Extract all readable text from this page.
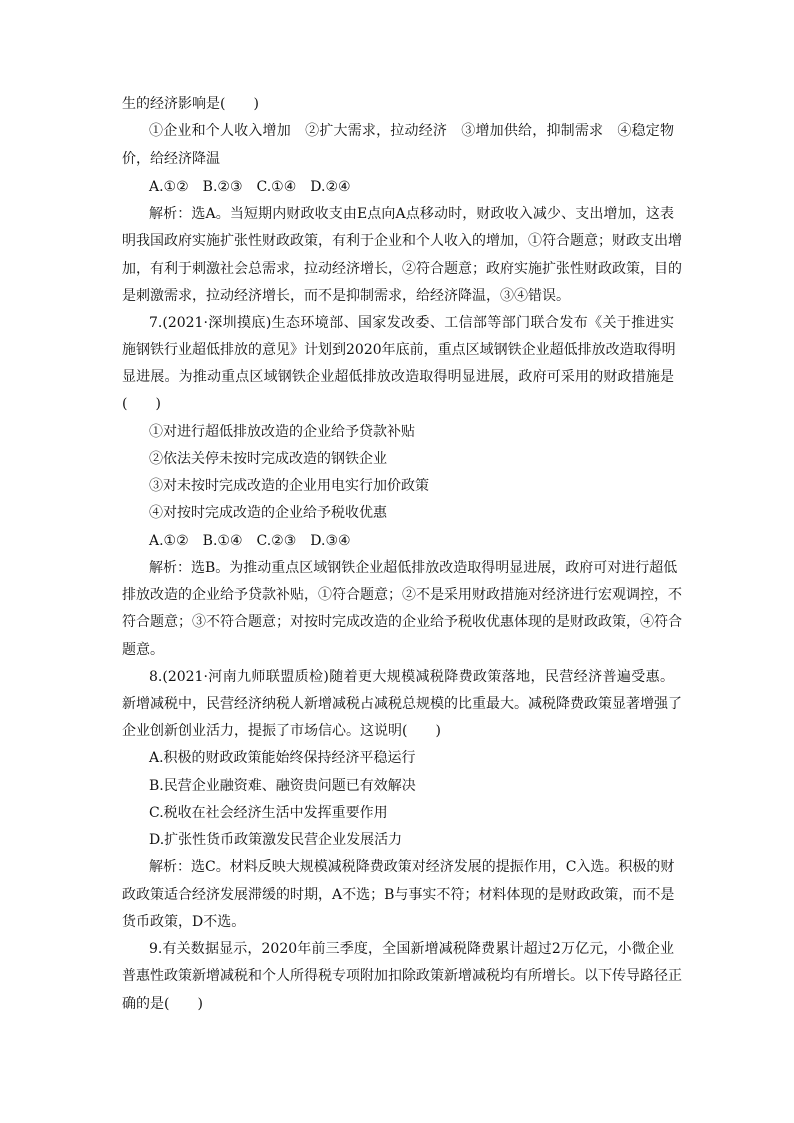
生的经济影响是(　　)
①企业和个人收入增加　②扩大需求，拉动经济　③增加供给，抑制需求　④稳定物
价，给经济降温
A.①②　B.②③　C.①④　D.②④
解析：选A。当短期内财政收支由E点向A点移动时，财政收入减少、支出增加，这表
明我国政府实施扩张性财政政策，有利于企业和个人收入的增加，①符合题意；财政支出增
加，有利于刺激社会总需求，拉动经济增长，②符合题意；政府实施扩张性财政政策，目的
是刺激需求，拉动经济增长，而不是抑制需求，给经济降温，③④错误。
7.(2021·深圳摸底)生态环境部、国家发改委、工信部等部门联合发布《关于推进实
施钢铁行业超低排放的意见》计划到2020年底前，重点区域钢铁企业超低排放改造取得明
显进展。为推动重点区域钢铁企业超低排放改造取得明显进展，政府可采用的财政措施是
(　　)
①对进行超低排放改造的企业给予贷款补贴
②依法关停未按时完成改造的钢铁企业
③对未按时完成改造的企业用电实行加价政策
④对按时完成改造的企业给予税收优惠
A.①②　B.①④　C.②③　D.③④
解析：选B。为推动重点区域钢铁企业超低排放改造取得明显进展，政府可对进行超低
排放改造的企业给予贷款补贴，①符合题意；②不是采用财政措施对经济进行宏观调控，不
符合题意；③不符合题意；对按时完成改造的企业给予税收优惠体现的是财政政策，④符合
题意。
8.(2021·河南九师联盟质检)随着更大规模减税降费政策落地，民营经济普遍受惠。
新增减税中，民营经济纳税人新增减税占减税总规模的比重最大。减税降费政策显著增强了
企业创新创业活力，提振了市场信心。这说明(　　)
A.积极的财政政策能始终保持经济平稳运行
B.民营企业融资难、融资贵问题已有效解决
C.税收在社会经济生活中发挥重要作用
D.扩张性货币政策激发民营企业发展活力
解析：选C。材料反映大规模减税降费政策对经济发展的提振作用，C入选。积极的财
政政策适合经济发展滞缓的时期，A不选；B与事实不符；材料体现的是财政政策，而不是
货币政策，D不选。
9.有关数据显示，2020年前三季度，全国新增减税降费累计超过2万亿元，小微企业
普惠性政策新增减税和个人所得税专项附加扣除政策新增减税均有所增长。以下传导路径正
确的是(　　)
